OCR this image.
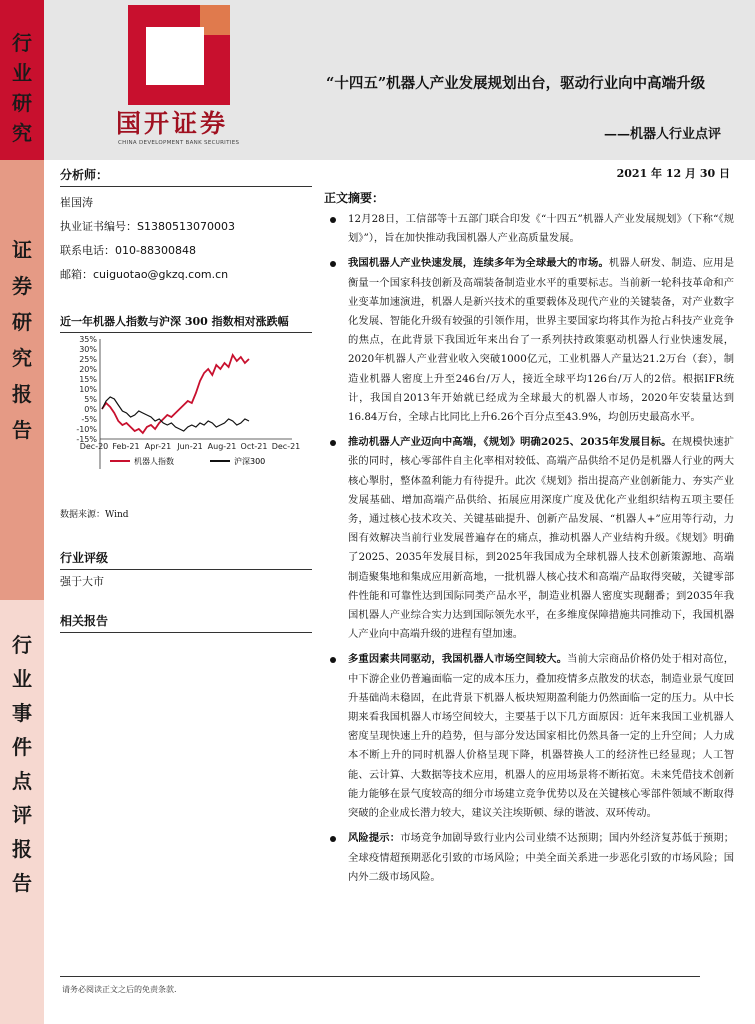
行业研究
证券研究报告
行业事件点评报告
国开证券
CHINA DEVELOPMENT BANK SECURITIES
“十四五”机器人产业发展规划出台，驱动行业向中高端升级
——机器人行业点评
分析师：
崔国涛
执业证书编号：S1380513070003
联系电话：010-88300848
邮箱：cuiguotao@gkzq.com.cn
近一年机器人指数与沪深 300 指数相对涨跌幅
35%
30%
25%
20%
15%
10%
5%
0%
-5%
-10%
-15%
Dec-20 Feb-21 Apr-21 Jun-21 Aug-21 Oct-21 Dec-21
机器人指数	沪深300
数据来源：Wind
行业评级
强于大市
相关报告
2021 年 12 月 30 日
正文摘要：
12月28日，工信部等十五部门联合印发《“十四五”机器人产业发展规划》（下称“《规划》”），旨在加快推动我国机器人产业高质量发展。
我国机器人产业快速发展，连续多年为全球最大的市场。机器人研发、制造、应用是衡量一个国家科技创新及高端装备制造业水平的重要标志。当前新一轮科技革命和产业变革加速演进，机器人是新兴技术的重要载体及现代产业的关键装备，对产业数字化发展、智能化升级有较强的引领作用，世界主要国家均将其作为抢占科技产业竞争的焦点，在此背景下我国近年来出台了一系列扶持政策驱动机器人行业快速发展，2020年机器人产业营业收入突破1000亿元，工业机器人产量达21.2万台（套），制造业机器人密度上升至246台/万人，接近全球平均126台/万人的2倍。根据IFR统计，我国自2013年开始就已经成为全球最大的机器人市场，2020年安装量达到16.84万台，全球占比同比上升6.26个百分点至43.9%，均创历史最高水平。
推动机器人产业迈向中高端，《规划》明确2025、2035年发展目标。在规模快速扩张的同时，核心零部件自主化率相对较低、高端产品供给不足仍是机器人行业的两大核心掣肘，整体盈利能力有待提升。此次《规划》指出提高产业创新能力、夯实产业发展基础、增加高端产品供给、拓展应用深度广度及优化产业组织结构五项主要任务，通过核心技术攻关、关键基础提升、创新产品发展、“机器人+”应用等行动，力图有效解决当前行业发展普遍存在的痛点，推动机器人产业结构升级。《规划》明确了2025、2035年发展目标，到2025年我国成为全球机器人技术创新策源地、高端制造聚集地和集成应用新高地，一批机器人核心技术和高端产品取得突破，关键零部件性能和可靠性达到国际同类产品水平，制造业机器人密度实现翻番；到2035年我国机器人产业综合实力达到国际领先水平，在多维度保障措施共同推动下，我国机器人产业向中高端升级的进程有望加速。
多重因素共同驱动，我国机器人市场空间较大。当前大宗商品价格仍处于相对高位，中下游企业仍普遍面临一定的成本压力，叠加疫情多点散发的状态，制造业景气度回升基础尚未稳固，在此背景下机器人板块短期盈利能力仍然面临一定的压力。从中长期来看我国机器人市场空间较大，主要基于以下几方面原因：近年来我国工业机器人密度呈现快速上升的趋势，但与部分发达国家相比仍然具备一定的上升空间；人力成本不断上升的同时机器人价格呈现下降，机器替换人工的经济性已经显现；人工智能、云计算、大数据等技术应用，机器人的应用场景将不断拓宽。未来凭借技术创新能力能够在景气度较高的细分市场建立竞争优势以及在关键核心零部件领域不断取得突破的企业成长潜力较大，建议关注埃斯顿、绿的谐波、双环传动。
风险提示：市场竞争加剧导致行业内公司业绩不达预期；国内外经济复苏低于预期；全球疫情超预期恶化引致的市场风险；中美全面关系进一步恶化引致的市场风险；国内外二级市场风险。
请务必阅读正文之后的免责条款.
